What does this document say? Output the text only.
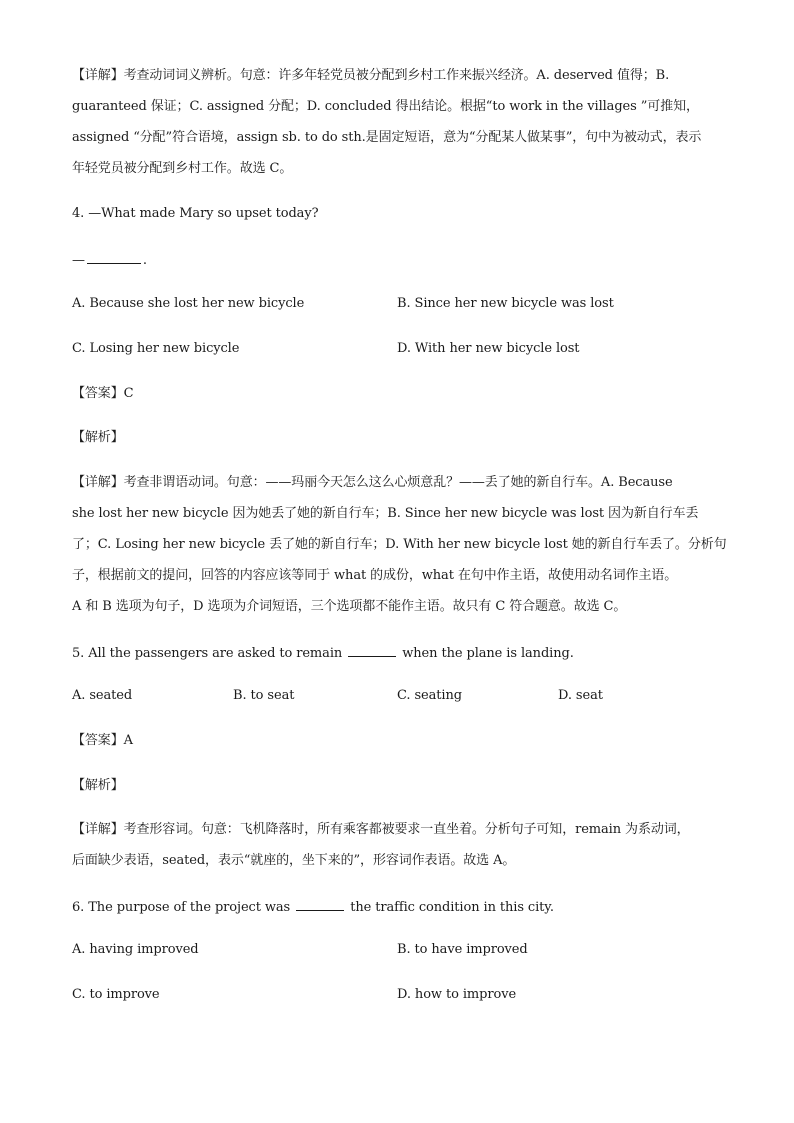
【详解】考查动词词义辨析。句意：许多年轻党员被分配到乡村工作来振兴经济。A. deserved 值得；B.
guaranteed 保证；C. assigned 分配；D. concluded 得出结论。根据“to work in the villages ”可推知，
assigned “分配”符合语境，assign sb. to do sth.是固定短语，意为“分配某人做某事”，句中为被动式，表示
年轻党员被分配到乡村工作。故选 C。
4. —What made Mary so upset today?
—	.
A. Because she lost her new bicycle	B. Since her new bicycle was lost
C. Losing her new bicycle	D. With her new bicycle lost
【答案】C
【解析】
【详解】考查非谓语动词。句意：——玛丽今天怎么这么心烦意乱？——丢了她的新自行车。A. Because
she lost her new bicycle 因为她丢了她的新自行车；B. Since her new bicycle was lost 因为新自行车丢
了；C. Losing her new bicycle 丢了她的新自行车；D. With her new bicycle lost 她的新自行车丢了。分析句
子，根据前文的提问，回答的内容应该等同于 what 的成份，what 在句中作主语，故使用动名词作主语。
A 和 B 选项为句子，D 选项为介词短语，三个选项都不能作主语。故只有 C 符合题意。故选 C。
5. All the passengers are asked to remain	when the plane is landing.
A. seated	B. to seat	C. seating	D. seat
【答案】A
【解析】
【详解】考查形容词。句意：飞机降落时，所有乘客都被要求一直坐着。分析句子可知，remain 为系动词，
后面缺少表语，seated，表示“就座的，坐下来的”，形容词作表语。故选 A。
6. The purpose of the project was	the traffic condition in this city.
A. having improved	B. to have improved
C. to improve	D. how to improve
